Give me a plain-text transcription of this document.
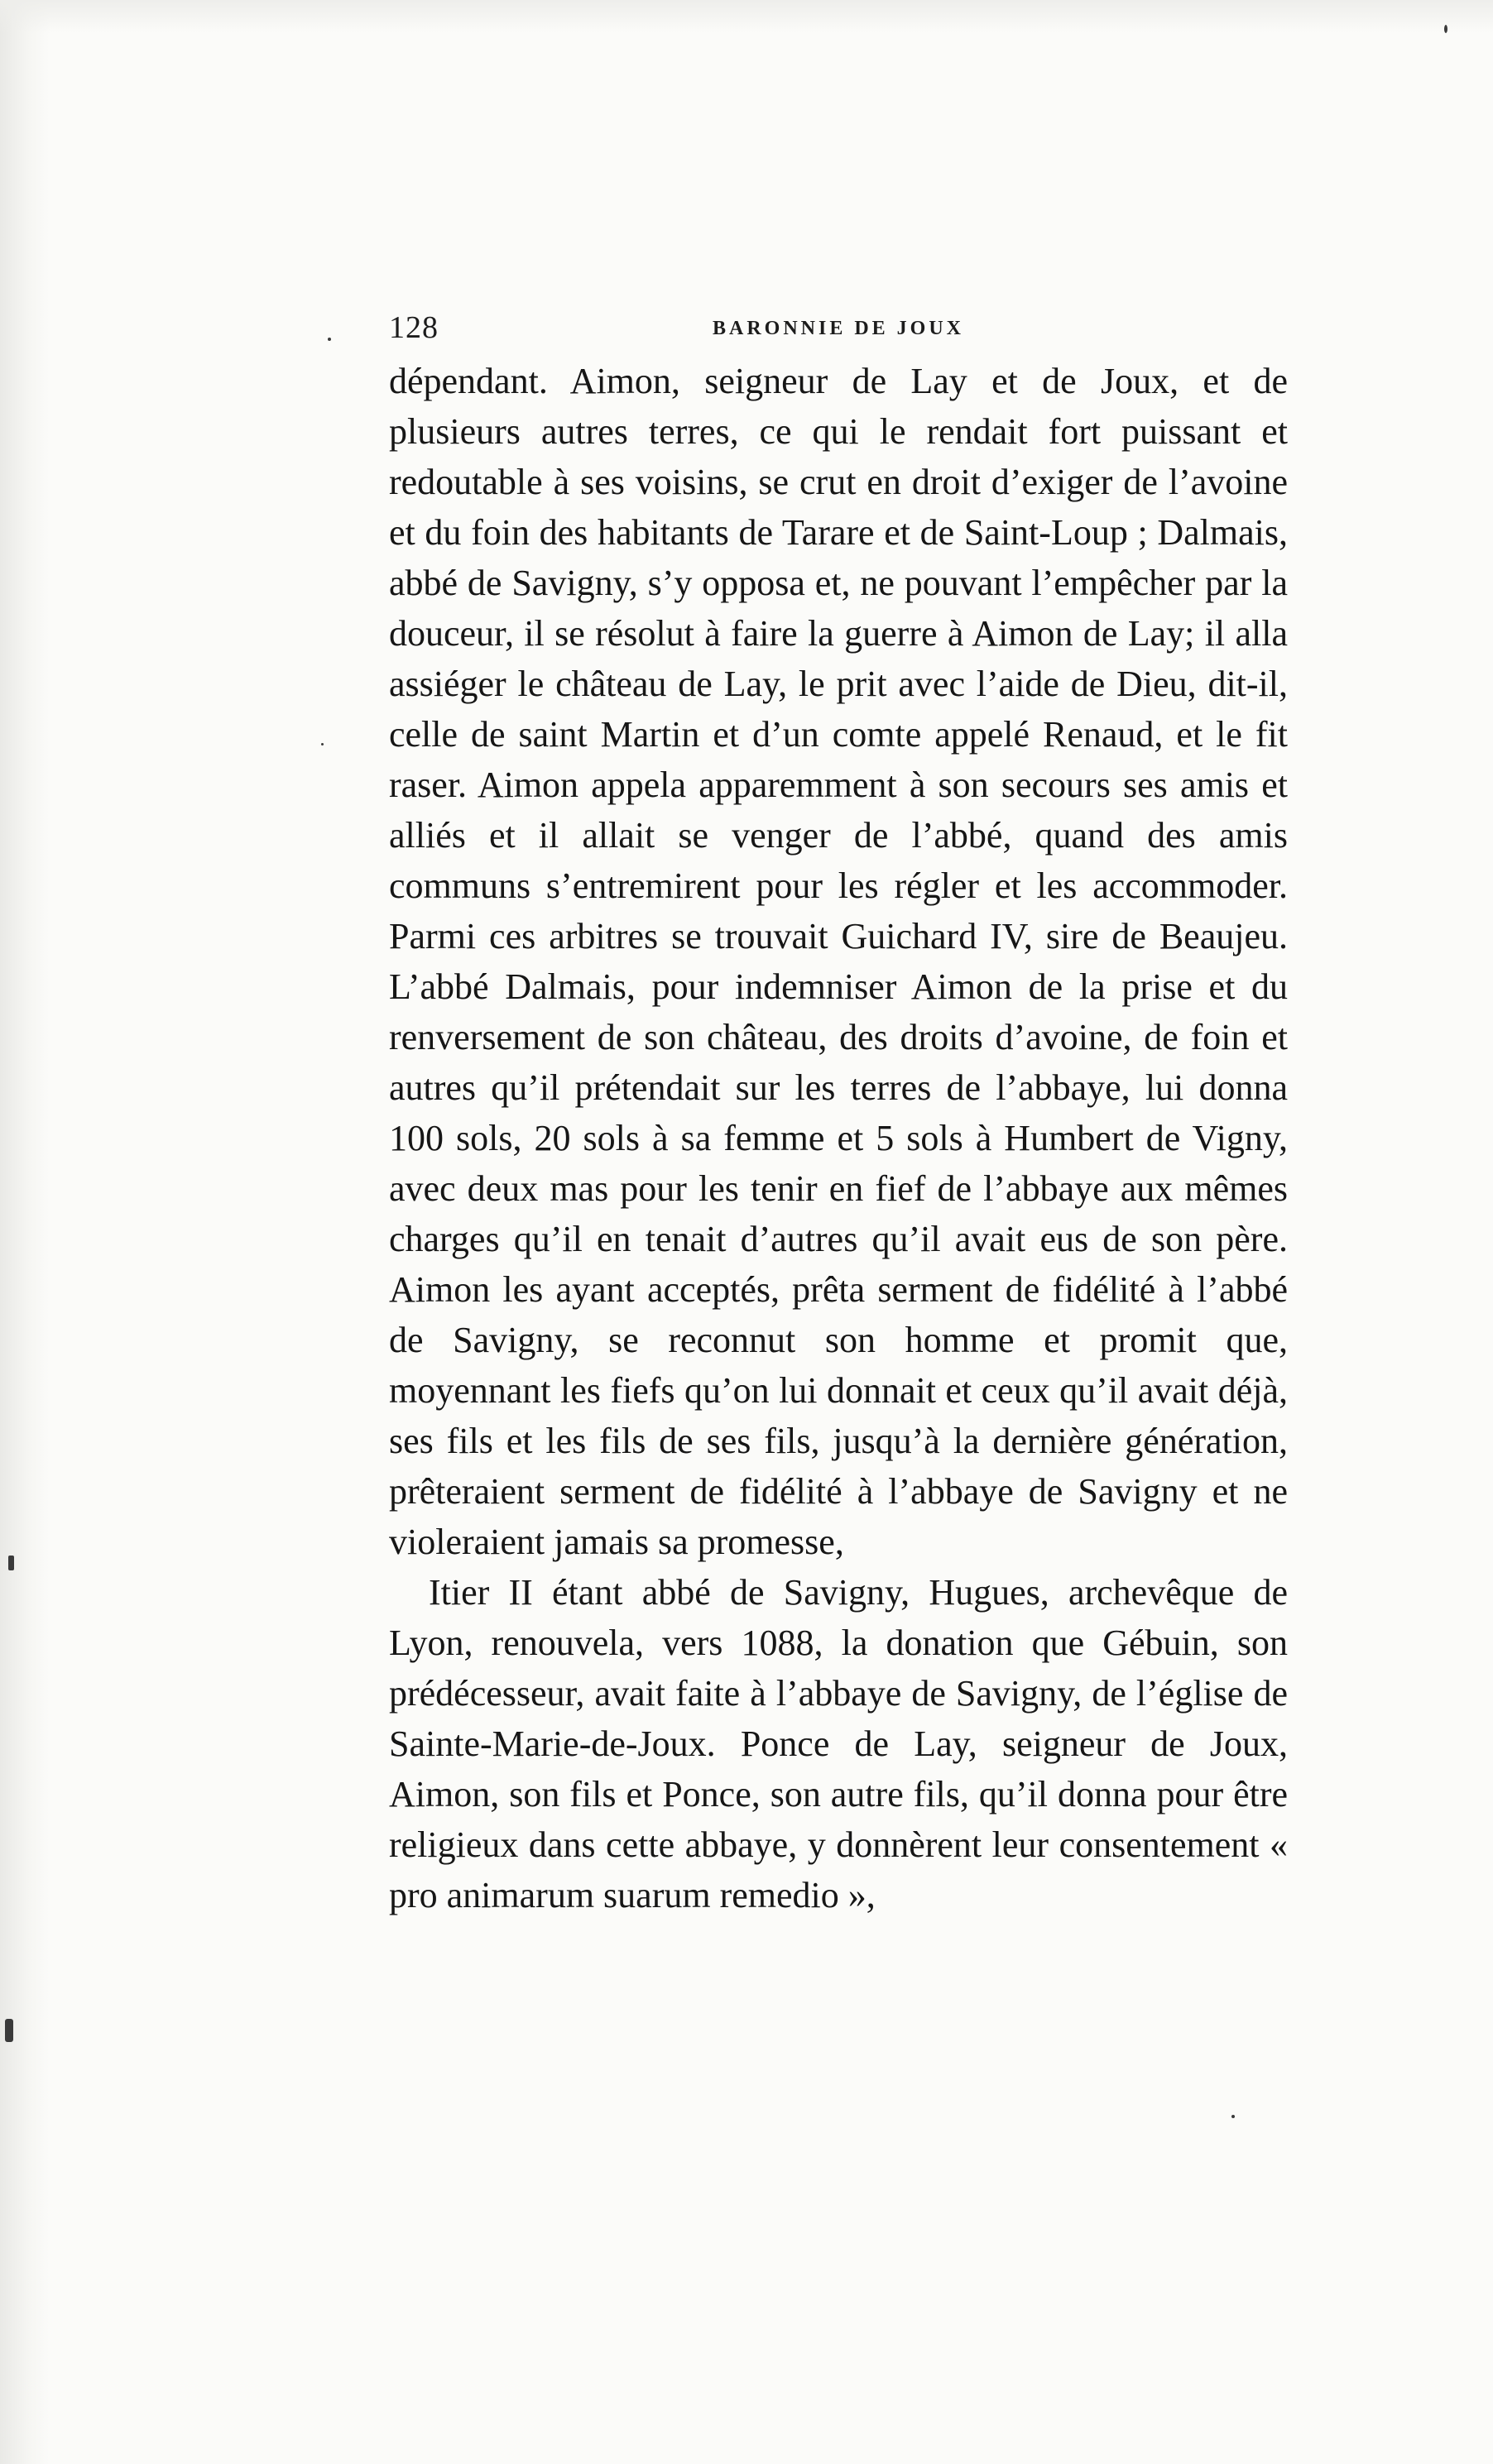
128	BARONNIE DE JOUX

dépendant. Aimon, seigneur de Lay et de Joux, et de plusieurs autres terres, ce qui le rendait fort puissant et redoutable à ses voisins, se crut en droit d’exiger de l’avoine et du foin des habitants de Tarare et de Saint-Loup ; Dalmais, abbé de Savigny, s’y opposa et, ne pouvant l’empêcher par la douceur, il se résolut à faire la guerre à Aimon de Lay; il alla assiéger le château de Lay, le prit avec l’aide de Dieu, dit-il, celle de saint Martin et d’un comte appelé Renaud, et le fit raser. Aimon appela apparemment à son secours ses amis et alliés et il allait se venger de l’abbé, quand des amis communs s’entremirent pour les régler et les accommoder. Parmi ces arbitres se trouvait Guichard IV, sire de Beaujeu. L’abbé Dalmais, pour indemniser Aimon de la prise et du renversement de son château, des droits d’avoine, de foin et autres qu’il prétendait sur les terres de l’abbaye, lui donna 100 sols, 20 sols à sa femme et 5 sols à Humbert de Vigny, avec deux mas pour les tenir en fief de l’abbaye aux mêmes charges qu’il en tenait d’autres qu’il avait eus de son père. Aimon les ayant acceptés, prêta serment de fidélité à l’abbé de Savigny, se reconnut son homme et promit que, moyennant les fiefs qu’on lui donnait et ceux qu’il avait déjà, ses fils et les fils de ses fils, jusqu’à la dernière génération, prêteraient serment de fidélité à l’abbaye de Savigny et ne violeraient jamais sa promesse,

Itier II étant abbé de Savigny, Hugues, archevêque de Lyon, renouvela, vers 1088, la donation que Gébuin, son prédécesseur, avait faite à l’abbaye de Savigny, de l’église de Sainte-Marie-de-Joux. Ponce de Lay, seigneur de Joux, Aimon, son fils et Ponce, son autre fils, qu’il donna pour être religieux dans cette abbaye, y donnèrent leur consentement « pro animarum suarum remedio »,
